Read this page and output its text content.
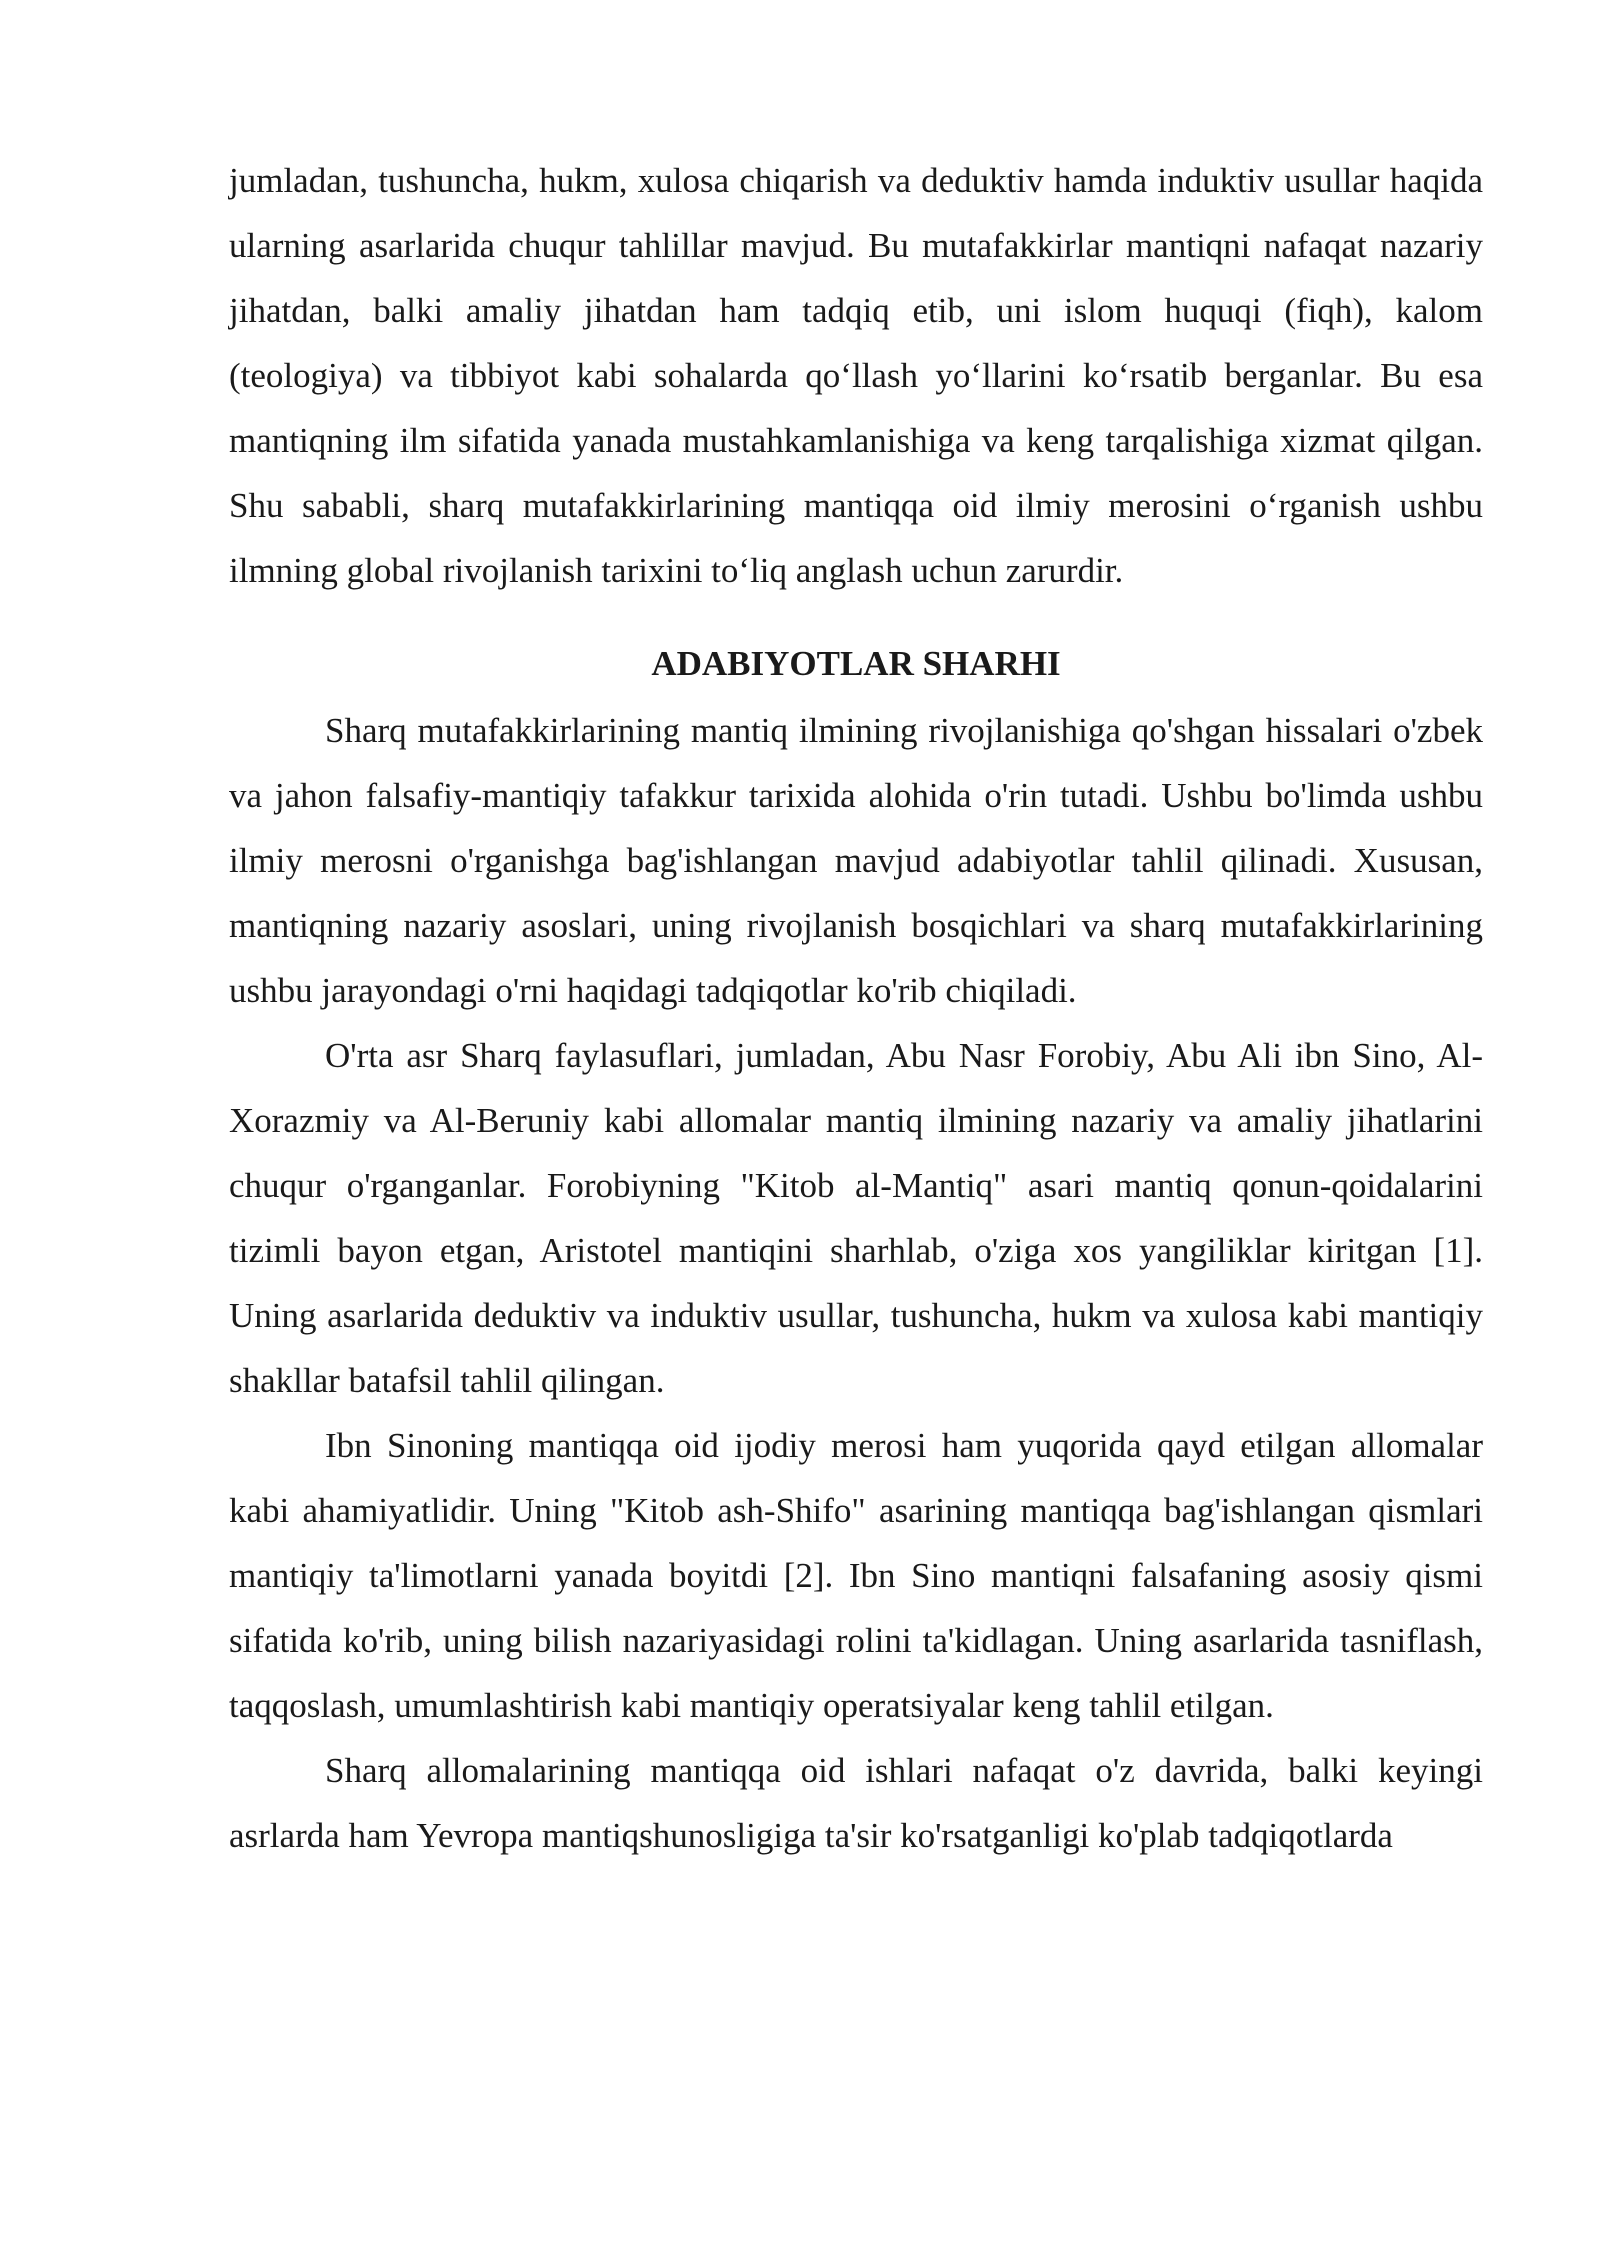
jumladan, tushuncha, hukm, xulosa chiqarish va deduktiv hamda induktiv usullar haqida ularning asarlarida chuqur tahlillar mavjud. Bu mutafakkirlar mantiqni nafaqat nazariy jihatdan, balki amaliy jihatdan ham tadqiq etib, uni islom huquqi (fiqh), kalom (teologiya) va tibbiyot kabi sohalarda qo‘llash yo‘llarini ko‘rsatib berganlar. Bu esa mantiqning ilm sifatida yanada mustahkamlanishiga va keng tarqalishiga xizmat qilgan. Shu sababli, sharq mutafakkirlarining mantiqqa oid ilmiy merosini o‘rganish ushbu ilmning global rivojlanish tarixini to‘liq anglash uchun zarurdir.

ADABIYOTLAR SHARHI

Sharq mutafakkirlarining mantiq ilmining rivojlanishiga qo'shgan hissalari o'zbek va jahon falsafiy-mantiqiy tafakkur tarixida alohida o'rin tutadi. Ushbu bo'limda ushbu ilmiy merosni o'rganishga bag'ishlangan mavjud adabiyotlar tahlil qilinadi. Xususan, mantiqning nazariy asoslari, uning rivojlanish bosqichlari va sharq mutafakkirlarining ushbu jarayondagi o'rni haqidagi tadqiqotlar ko'rib chiqiladi.

O'rta asr Sharq faylasuflari, jumladan, Abu Nasr Forobiy, Abu Ali ibn Sino, Al-Xorazmiy va Al-Beruniy kabi allomalar mantiq ilmining nazariy va amaliy jihatlarini chuqur o'rganganlar. Forobiyning "Kitob al-Mantiq" asari mantiq qonun-qoidalarini tizimli bayon etgan, Aristotel mantiqini sharhlab, o'ziga xos yangiliklar kiritgan [1]. Uning asarlarida deduktiv va induktiv usullar, tushuncha, hukm va xulosa kabi mantiqiy shakllar batafsil tahlil qilingan.

Ibn Sinoning mantiqqa oid ijodiy merosi ham yuqorida qayd etilgan allomalar kabi ahamiyatlidir. Uning "Kitob ash-Shifo" asarining mantiqqa bag'ishlangan qismlari mantiqiy ta'limotlarni yanada boyitdi [2]. Ibn Sino mantiqni falsafaning asosiy qismi sifatida ko'rib, uning bilish nazariyasidagi rolini ta'kidlagan. Uning asarlarida tasniflash, taqqoslash, umumlashtirish kabi mantiqiy operatsiyalar keng tahlil etilgan.

Sharq allomalarining mantiqqa oid ishlari nafaqat o'z davrida, balki keyingi asrlarda ham Yevropa mantiqshunosligiga ta'sir ko'rsatganligi ko'plab tadqiqotlarda
